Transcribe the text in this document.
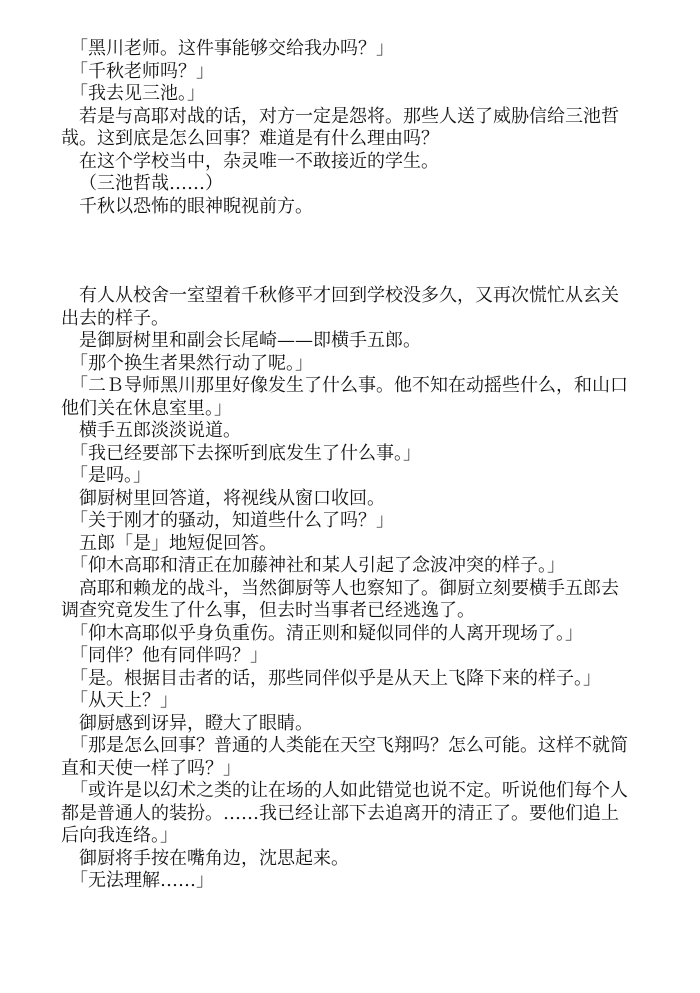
「黑川老师。这件事能够交给我办吗？」

「千秋老师吗？」

「我去见三池。」

若是与高耶对战的话，对方一定是怨将。那些人送了威胁信给三池哲哉。这到底是怎么回事？难道是有什么理由吗？

在这个学校当中，杂灵唯一不敢接近的学生。

（三池哲哉……）

千秋以恐怖的眼神睨视前方。

有人从校舍一室望着千秋修平才回到学校没多久，又再次慌忙从玄关出去的样子。

是御厨树里和副会长尾崎——即横手五郎。

「那个换生者果然行动了呢。」

「二Ｂ导师黑川那里好像发生了什么事。他不知在动摇些什么，和山口他们关在休息室里。」

横手五郎淡淡说道。

「我已经要部下去探听到底发生了什么事。」

「是吗。」

御厨树里回答道，将视线从窗口收回。

「关于刚才的骚动，知道些什么了吗？」

五郎「是」地短促回答。

「仰木高耶和清正在加藤神社和某人引起了念波冲突的样子。」

高耶和赖龙的战斗，当然御厨等人也察知了。御厨立刻要横手五郎去调查究竟发生了什么事，但去时当事者已经逃逸了。

「仰木高耶似乎身负重伤。清正则和疑似同伴的人离开现场了。」

「同伴？他有同伴吗？」

「是。根据目击者的话，那些同伴似乎是从天上飞降下来的样子。」

「从天上？」

御厨感到讶异，瞪大了眼睛。

「那是怎么回事？普通的人类能在天空飞翔吗？怎么可能。这样不就简直和天使一样了吗？」

「或许是以幻术之类的让在场的人如此错觉也说不定。听说他们每个人都是普通人的装扮。……我已经让部下去追离开的清正了。要他们追上后向我连络。」

御厨将手按在嘴角边，沈思起来。

「无法理解……」
